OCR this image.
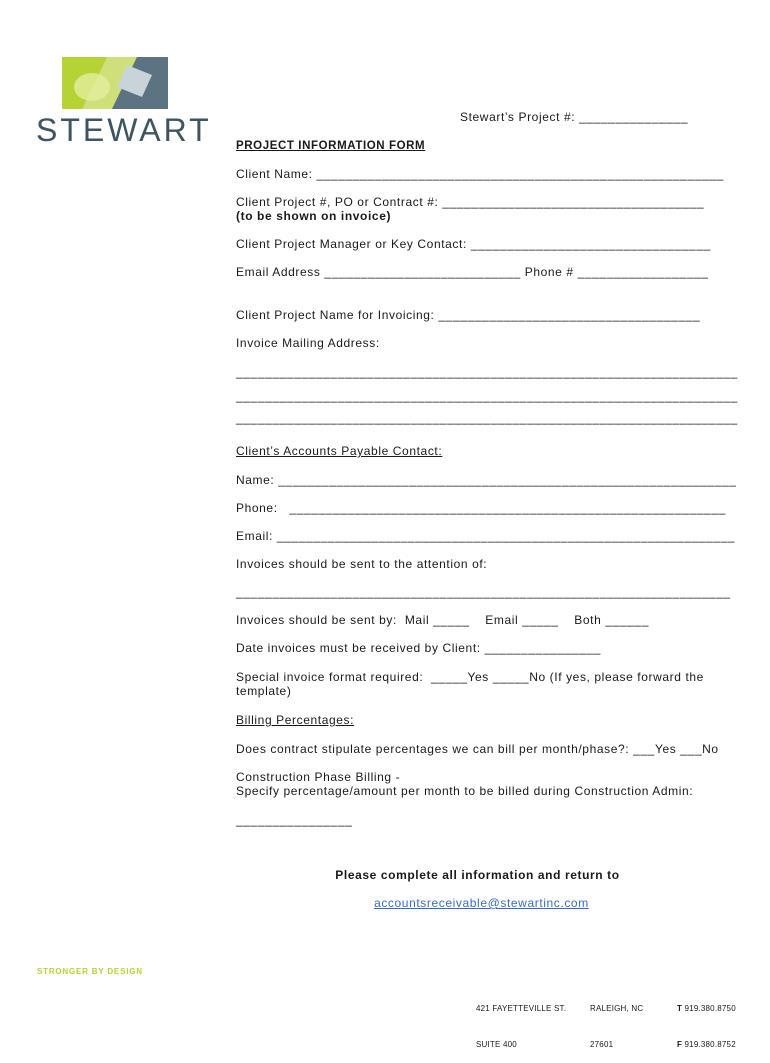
STEWART	Stewart’s Project #: _______________
PROJECT INFORMATION FORM
Client Name: ________________________________________________________
Client Project #, PO or Contract #: ____________________________________
(to be shown on invoice)
Client Project Manager or Key Contact: _________________________________
Email Address ___________________________ Phone # __________________
Client Project Name for Invoicing: ____________________________________
Invoice Mailing Address:
_____________________________________________________________________
_____________________________________________________________________
_____________________________________________________________________
Client’s Accounts Payable Contact:
Name: _______________________________________________________________
Phone:   ____________________________________________________________
Email: _______________________________________________________________
Invoices should be sent to the attention of:
____________________________________________________________________
Invoices should be sent by:  Mail _____    Email _____    Both ______
Date invoices must be received by Client: ________________
Special invoice format required:  _____Yes _____No (If yes, please forward the
template)
Billing Percentages:
Does contract stipulate percentages we can bill per month/phase?: ___Yes ___No
Construction Phase Billing -
Specify percentage/amount per month to be billed during Construction Admin:
________________
Please complete all information and return to

accountsreceivable@stewartinc.com

STRONGER BY DESIGN

421 FAYETTEVILLE ST.

SUITE 400

RALEIGH, NC

27601

T 919.380.8750

F 919.380.8752
